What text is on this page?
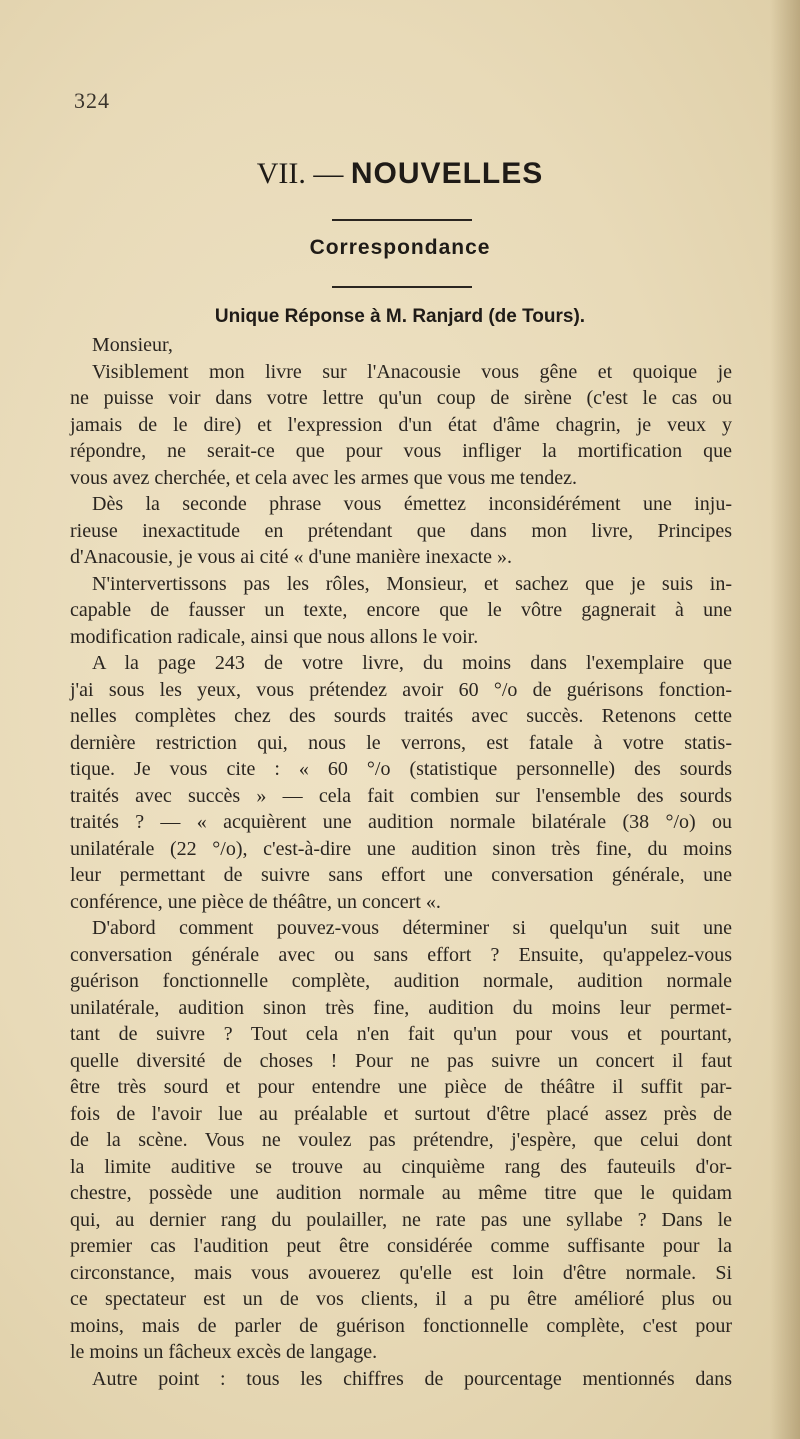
324
VII. — NOUVELLES
Correspondance
Unique Réponse à M. Ranjard (de Tours).
Monsieur,
Visiblement mon livre sur l'Anacousie vous gêne et quoique je
ne puisse voir dans votre lettre qu'un coup de sirène (c'est le cas ou
jamais de le dire) et l'expression d'un état d'âme chagrin, je veux y
répondre, ne serait-ce que pour vous infliger la mortification que
vous avez cherchée, et cela avec les armes que vous me tendez.
Dès la seconde phrase vous émettez inconsidérément une inju-
rieuse inexactitude en prétendant que dans mon livre, Principes
d'Anacousie, je vous ai cité « d'une manière inexacte ».
N'intervertissons pas les rôles, Monsieur, et sachez que je suis in-
capable de fausser un texte, encore que le vôtre gagnerait à une
modification radicale, ainsi que nous allons le voir.
A la page 243 de votre livre, du moins dans l'exemplaire que
j'ai sous les yeux, vous prétendez avoir 60 °/o de guérisons fonction-
nelles complètes chez des sourds traités avec succès. Retenons cette
dernière restriction qui, nous le verrons, est fatale à votre statis-
tique. Je vous cite : « 60 °/o (statistique personnelle) des sourds
traités avec succès » — cela fait combien sur l'ensemble des sourds
traités ? — « acquièrent une audition normale bilatérale (38 °/o) ou
unilatérale (22 °/o), c'est-à-dire une audition sinon très fine, du moins
leur permettant de suivre sans effort une conversation générale, une
conférence, une pièce de théâtre, un concert «.
D'abord comment pouvez-vous déterminer si quelqu'un suit une
conversation générale avec ou sans effort ? Ensuite, qu'appelez-vous
guérison fonctionnelle complète, audition normale, audition normale
unilatérale, audition sinon très fine, audition du moins leur permet-
tant de suivre ? Tout cela n'en fait qu'un pour vous et pourtant,
quelle diversité de choses ! Pour ne pas suivre un concert il faut
être très sourd et pour entendre une pièce de théâtre il suffit par-
fois de l'avoir lue au préalable et surtout d'être placé assez près de
de la scène. Vous ne voulez pas prétendre, j'espère, que celui dont
la limite auditive se trouve au cinquième rang des fauteuils d'or-
chestre, possède une audition normale au même titre que le quidam
qui, au dernier rang du poulailler, ne rate pas une syllabe ? Dans le
premier cas l'audition peut être considérée comme suffisante pour la
circonstance, mais vous avouerez qu'elle est loin d'être normale. Si
ce spectateur est un de vos clients, il a pu être amélioré plus ou
moins, mais de parler de guérison fonctionnelle complète, c'est pour
le moins un fâcheux excès de langage.
Autre point : tous les chiffres de pourcentage mentionnés dans
